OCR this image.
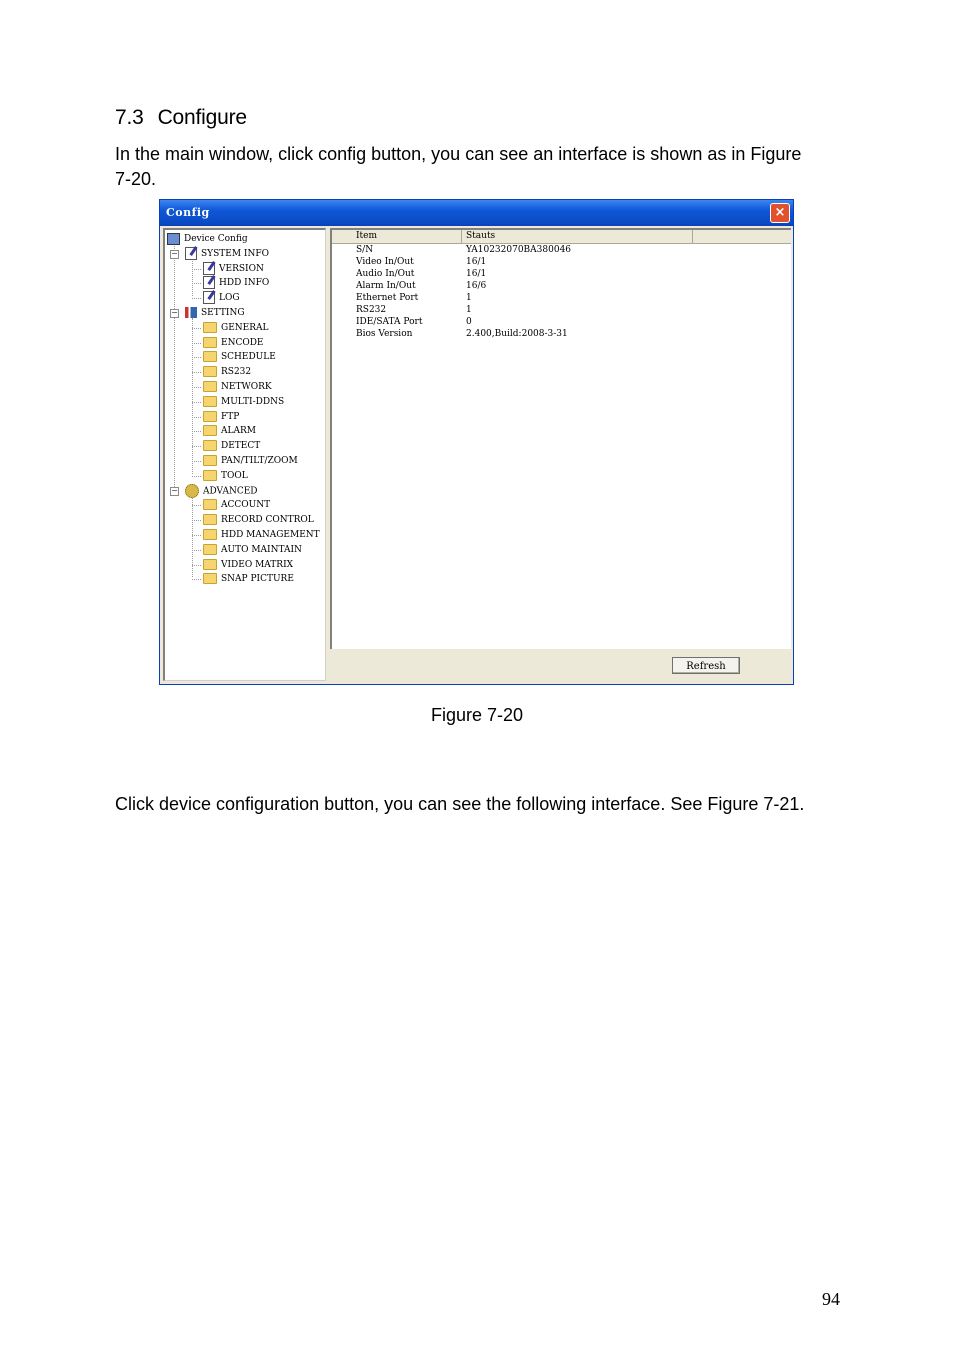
7.3 Configure

In the main window, click config button, you can see an interface is shown as in Figure 7-20.

Config	×
Device Config
SYSTEM INFO
−
VERSION
HDD INFO
LOG
SETTING
−
GENERAL
ENCODE
SCHEDULE
RS232
NETWORK
MULTI-DDNS
FTP
ALARM
DETECT
PAN/TILT/ZOOM
TOOL
ADVANCED
−
ACCOUNT
RECORD CONTROL
HDD MANAGEMENT
AUTO MAINTAIN
VIDEO MATRIX
SNAP PICTURE
Item	Stauts
S/N	YA10232070BA380046
Video In/Out	16/1
Audio In/Out	16/1
Alarm In/Out	16/6
Ethernet Port	1
RS232	1
IDE/SATA Port	0
Bios Version	2.400,Build:2008-3-31
Refresh
Figure 7-20

Click device configuration button, you can see the following interface. See Figure 7-21.

94
